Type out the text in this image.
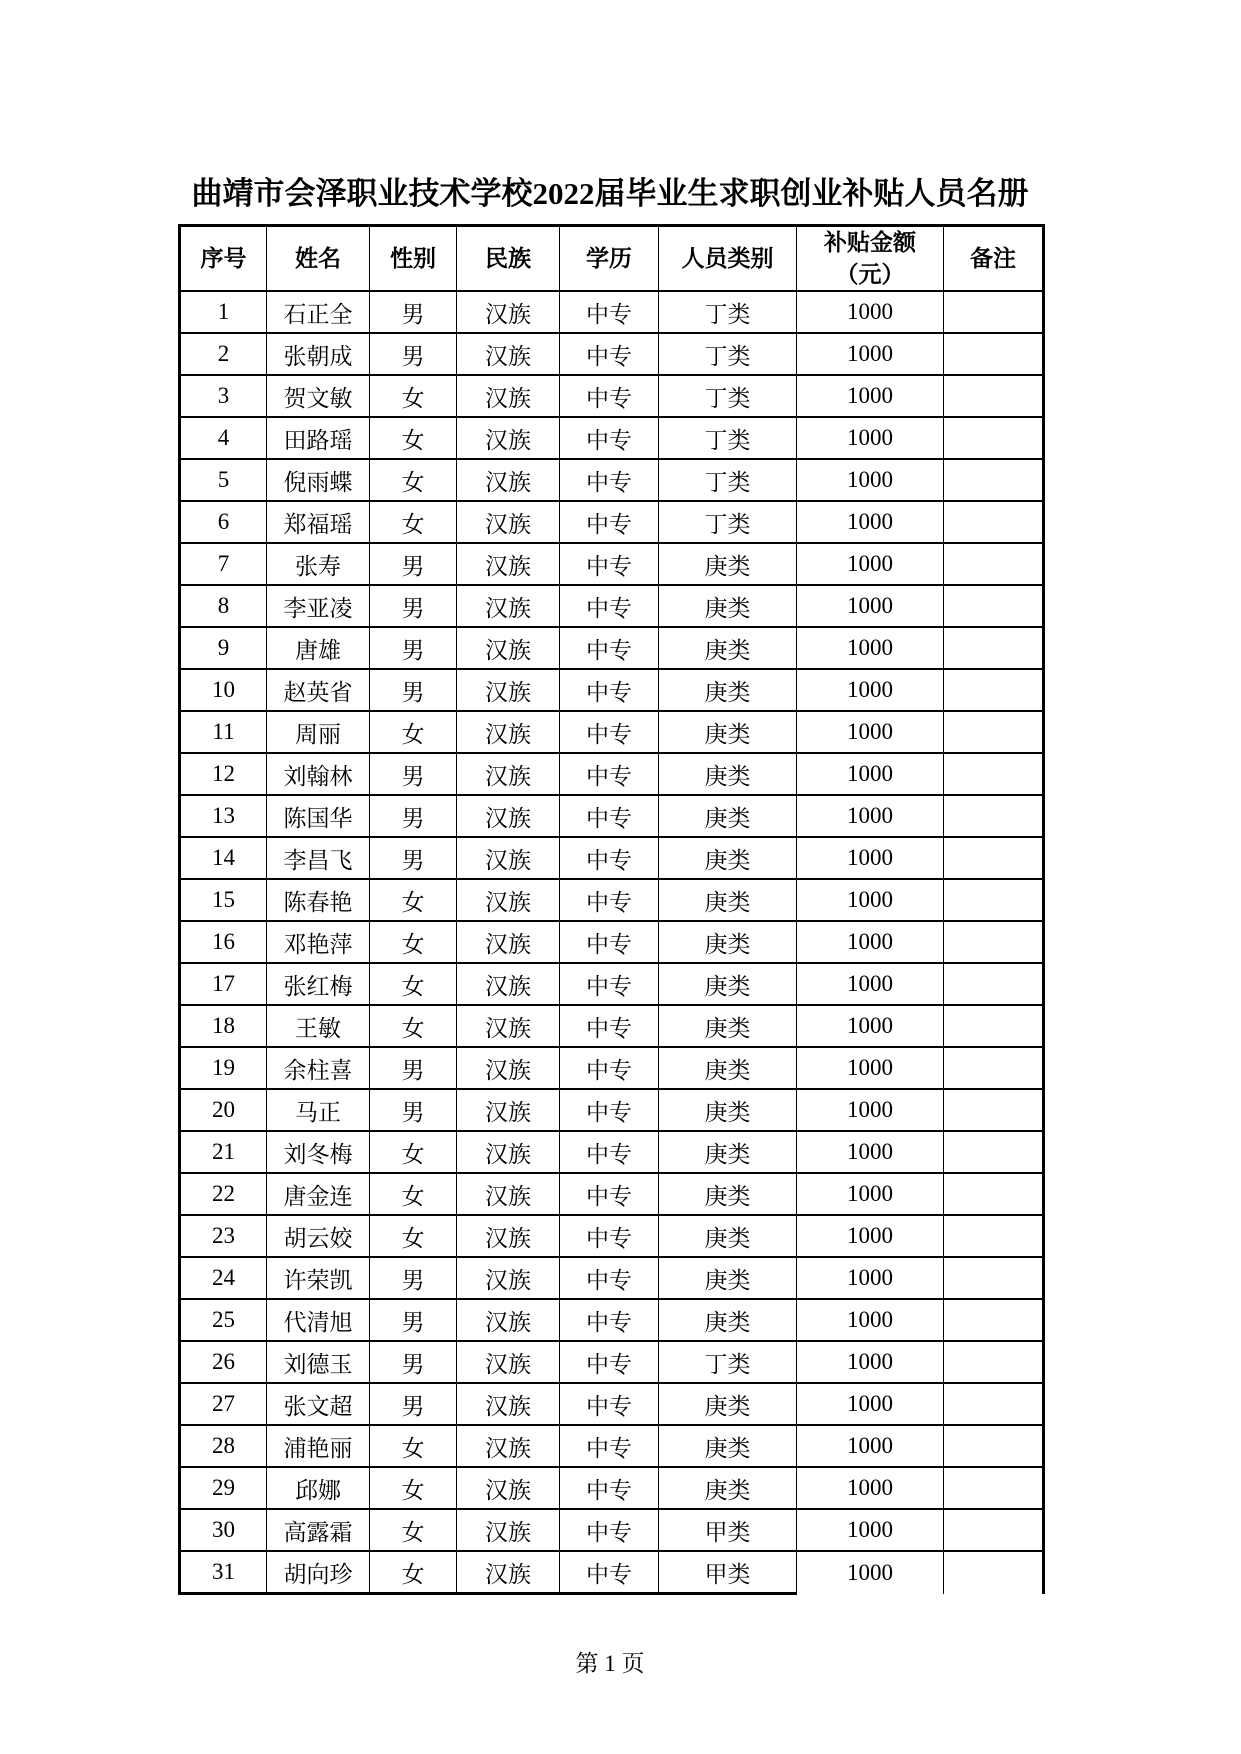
曲靖市会泽职业技术学校2022届毕业生求职创业补贴人员名册
序号	姓名	性别	民族	学历	人员类别	补贴金额（元）	备注
1	石正全	男	汉族	中专	丁类	1000	
2	张朝成	男	汉族	中专	丁类	1000	
3	贺文敏	女	汉族	中专	丁类	1000	
4	田路瑶	女	汉族	中专	丁类	1000	
5	倪雨蝶	女	汉族	中专	丁类	1000	
6	郑福瑶	女	汉族	中专	丁类	1000	
7	张寿	男	汉族	中专	庚类	1000	
8	李亚凌	男	汉族	中专	庚类	1000	
9	唐雄	男	汉族	中专	庚类	1000	
10	赵英省	男	汉族	中专	庚类	1000	
11	周丽	女	汉族	中专	庚类	1000	
12	刘翰林	男	汉族	中专	庚类	1000	
13	陈国华	男	汉族	中专	庚类	1000	
14	李昌飞	男	汉族	中专	庚类	1000	
15	陈春艳	女	汉族	中专	庚类	1000	
16	邓艳萍	女	汉族	中专	庚类	1000	
17	张红梅	女	汉族	中专	庚类	1000	
18	王敏	女	汉族	中专	庚类	1000	
19	余柱喜	男	汉族	中专	庚类	1000	
20	马正	男	汉族	中专	庚类	1000	
21	刘冬梅	女	汉族	中专	庚类	1000	
22	唐金连	女	汉族	中专	庚类	1000	
23	胡云姣	女	汉族	中专	庚类	1000	
24	许荣凯	男	汉族	中专	庚类	1000	
25	代清旭	男	汉族	中专	庚类	1000	
26	刘德玉	男	汉族	中专	丁类	1000	
27	张文超	男	汉族	中专	庚类	1000	
28	浦艳丽	女	汉族	中专	庚类	1000	
29	邱娜	女	汉族	中专	庚类	1000	
30	高露霜	女	汉族	中专	甲类	1000	
31	胡向珍	女	汉族	中专	甲类	1000	
第 1 页
